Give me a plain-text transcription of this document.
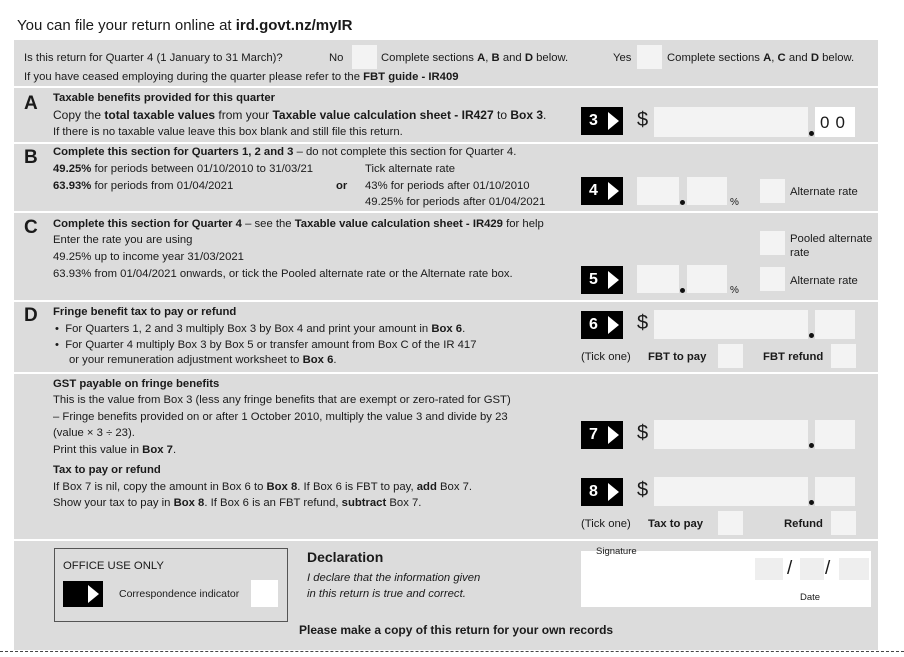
You can file your return online at ird.govt.nz/myIR
Is this return for Quarter 4 (1 January to 31 March)?	No	Complete sections A, B and D below.	Yes	Complete sections A, C and D below.
If you have ceased employing during the quarter please refer to the FBT guide - IR409
A Taxable benefits provided for this quarter
Copy the total taxable values from your Taxable value calculation sheet - IR427 to Box 3.
If there is no taxable value leave this box blank and still file this return.
3 $	00
B Complete this section for Quarters 1, 2 and 3 – do not complete this section for Quarter 4.
49.25% for periods between 01/10/2010 to 31/03/21
63.93% for periods from 01/04/2021	or
Tick alternate rate
43% for periods after 01/10/2010
49.25% for periods after 01/04/2021
4
%
Alternate rate
C Complete this section for Quarter 4 – see the Taxable value calculation sheet - IR429 for help
Enter the rate you are using
49.25% up to income year 31/03/2021
63.93% from 01/04/2021 onwards, or tick the Pooled alternate rate or the Alternate rate box.
Pooled alternate
rate
Alternate rate
5
%
D Fringe benefit tax to pay or refund
•  For Quarters 1, 2 and 3 multiply Box 3 by Box 4 and print your amount in Box 6.
•  For Quarter 4 multiply Box 3 by Box 5 or transfer amount from Box C of the IR 417
or your remuneration adjustment worksheet to Box 6.
6 $
(Tick one) FBT to pay	FBT refund
GST payable on fringe benefits
This is the value from Box 3 (less any fringe benefits that are exempt or zero-rated for GST)
– Fringe benefits provided on or after 1 October 2010, multiply the value 3 and divide by 23
(value × 3 ÷ 23).
Print this value in Box 7.
7 $
Tax to pay or refund
If Box 7 is nil, copy the amount in Box 6 to Box 8. If Box 6 is FBT to pay, add Box 7.
Show your tax to pay in Box 8. If Box 6 is an FBT refund, subtract Box 7.
8 $
(Tick one) Tax to pay	Refund
OFFICE USE ONLY
Correspondence indicator
Declaration
I declare that the information given
in this return is true and correct.
Signature
/ /
Date
Please make a copy of this return for your own records
